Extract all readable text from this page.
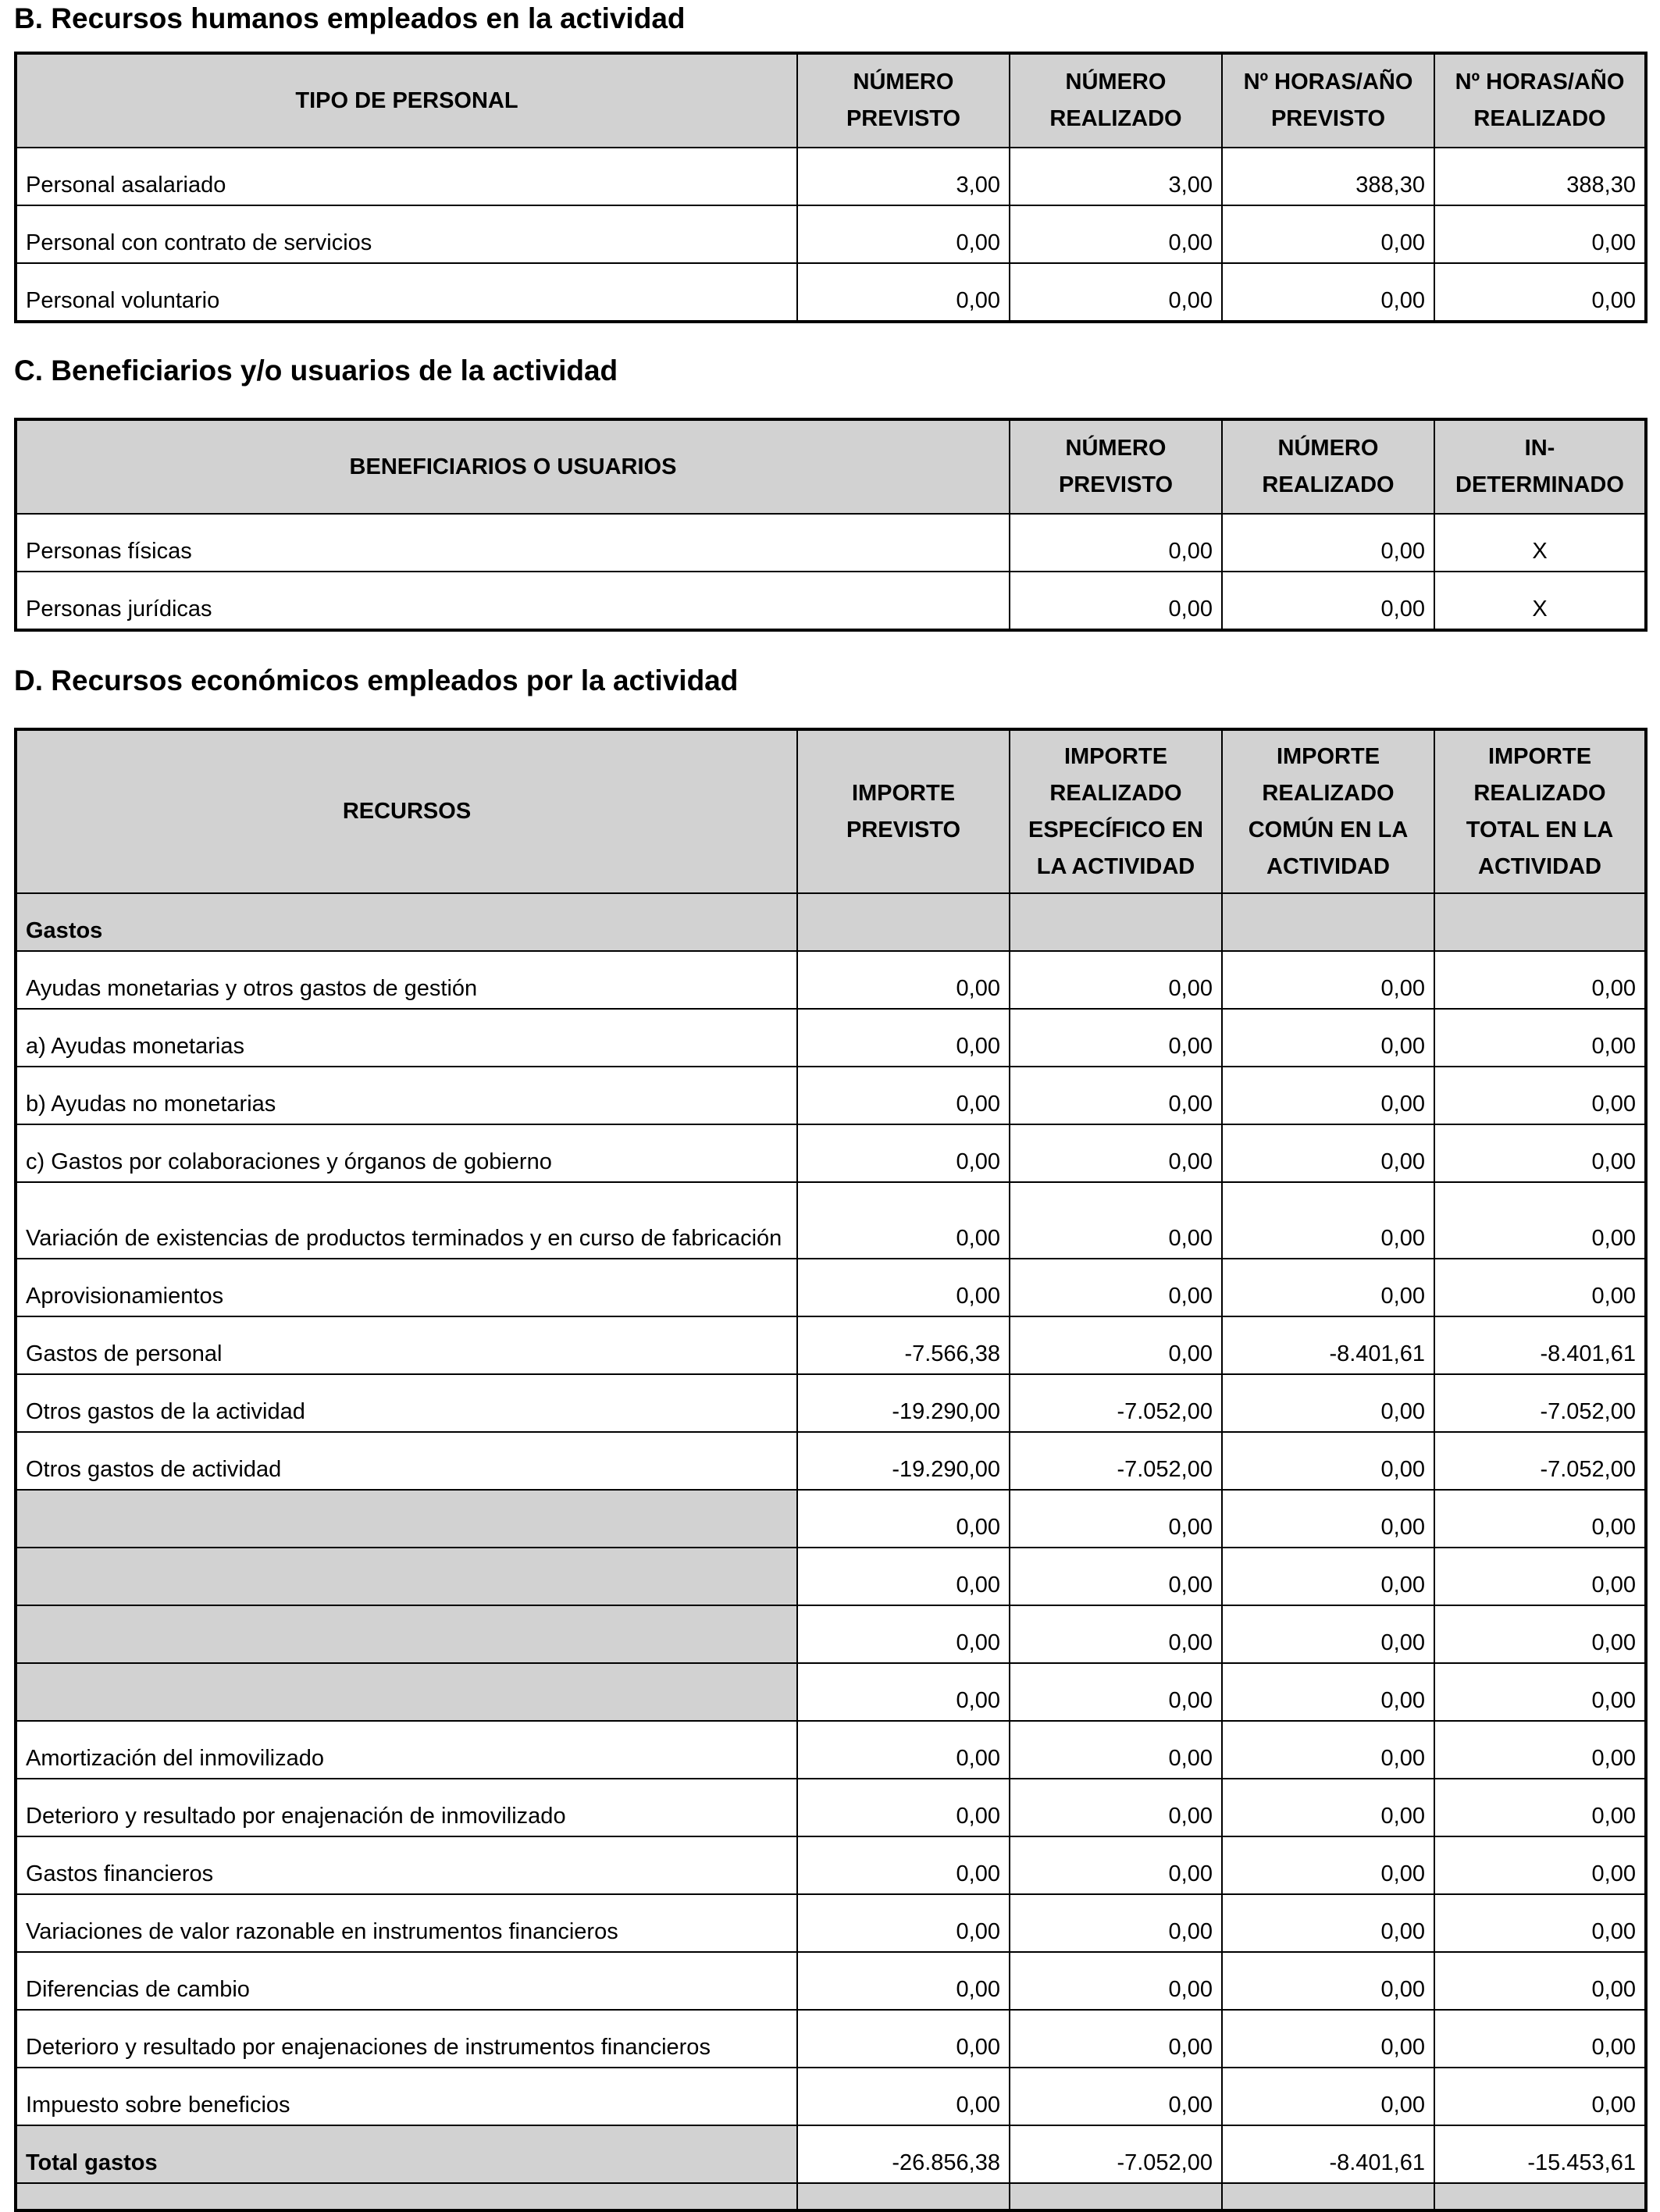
B. Recursos humanos empleados en la actividad
TIPO DE PERSONAL	NÚMERO PREVISTO	NÚMERO REALIZADO	Nº HORAS/AÑO PREVISTO	Nº HORAS/AÑO REALIZADO
Personal asalariado	3,00	3,00	388,30	388,30
Personal con contrato de servicios	0,00	0,00	0,00	0,00
Personal voluntario	0,00	0,00	0,00	0,00
C. Beneficiarios y/o usuarios de la actividad
BENEFICIARIOS O USUARIOS	NÚMERO PREVISTO	NÚMERO REALIZADO	IN-DETERMINADO
Personas físicas	0,00	0,00	X
Personas jurídicas	0,00	0,00	X
D. Recursos económicos empleados por la actividad
RECURSOS	IMPORTE PREVISTO	IMPORTE REALIZADO ESPECÍFICO EN LA ACTIVIDAD	IMPORTE REALIZADO COMÚN EN LA ACTIVIDAD	IMPORTE REALIZADO TOTAL EN LA ACTIVIDAD
Gastos				
Ayudas monetarias y otros gastos de gestión	0,00	0,00	0,00	0,00
a) Ayudas monetarias	0,00	0,00	0,00	0,00
b) Ayudas no monetarias	0,00	0,00	0,00	0,00
c) Gastos por colaboraciones y órganos de gobierno	0,00	0,00	0,00	0,00
Variación de existencias de productos terminados y en curso de fabricación	0,00	0,00	0,00	0,00
Aprovisionamientos	0,00	0,00	0,00	0,00
Gastos de personal	-7.566,38	0,00	-8.401,61	-8.401,61
Otros gastos de la actividad	-19.290,00	-7.052,00	0,00	-7.052,00
Otros gastos de actividad	-19.290,00	-7.052,00	0,00	-7.052,00
	0,00	0,00	0,00	0,00
	0,00	0,00	0,00	0,00
	0,00	0,00	0,00	0,00
	0,00	0,00	0,00	0,00
Amortización del inmovilizado	0,00	0,00	0,00	0,00
Deterioro y resultado por enajenación de inmovilizado	0,00	0,00	0,00	0,00
Gastos financieros	0,00	0,00	0,00	0,00
Variaciones de valor razonable en instrumentos financieros	0,00	0,00	0,00	0,00
Diferencias de cambio	0,00	0,00	0,00	0,00
Deterioro y resultado por enajenaciones de instrumentos financieros	0,00	0,00	0,00	0,00
Impuesto sobre beneficios	0,00	0,00	0,00	0,00
Total gastos	-26.856,38	-7.052,00	-8.401,61	-15.453,61
